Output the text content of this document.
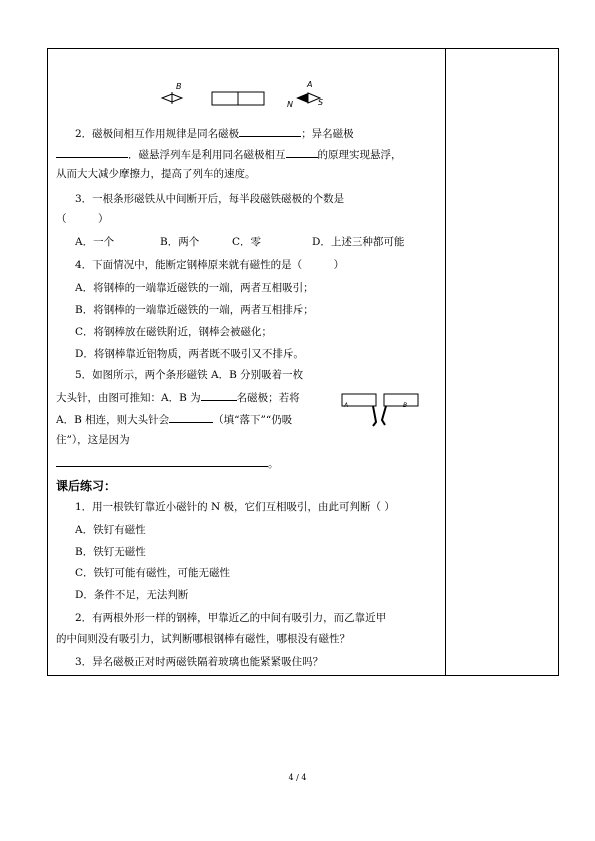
B	A
N	S
2．磁极间相互作用规律是同名磁极	；异名磁极
．磁悬浮列车是利用同名磁极相互	的原理实现悬浮，
从而大大减少摩擦力，提高了列车的速度。
3．一根条形磁铁从中间断开后，每半段磁铁磁极的个数是
（　　　）
A．一个	B．两个	C．零	D．上述三种都可能
4．下面情况中，能断定钢棒原来就有磁性的是（　　　）
A．将钢棒的一端靠近磁铁的一端，两者互相吸引；
B．将钢棒的一端靠近磁铁的一端，两者互相排斥；
C．将钢棒放在磁铁附近，钢棒会被磁化；
D．将钢棒靠近铝物质，两者既不吸引又不排斥。
5．如图所示，两个条形磁铁 A．B 分别吸着一枚
大头针，由图可推知：A．B 为	名磁极；若将
A．B 相连，则大头针会	（填“落下”“仍吸
住”），这是因为
。
A	B
课后练习：
1．用一根铁钉靠近小磁针的 N 极，它们互相吸引，由此可判断（ ）
A．铁钉有磁性
B．铁钉无磁性
C．铁钉可能有磁性，可能无磁性
D．条件不足，无法判断
2．有两根外形一样的钢棒，甲靠近乙的中间有吸引力，而乙靠近甲
的中间则没有吸引力，试判断哪根钢棒有磁性，哪根没有磁性？
3．异名磁极正对时两磁铁隔着玻璃也能紧紧吸住吗？
4 / 4
